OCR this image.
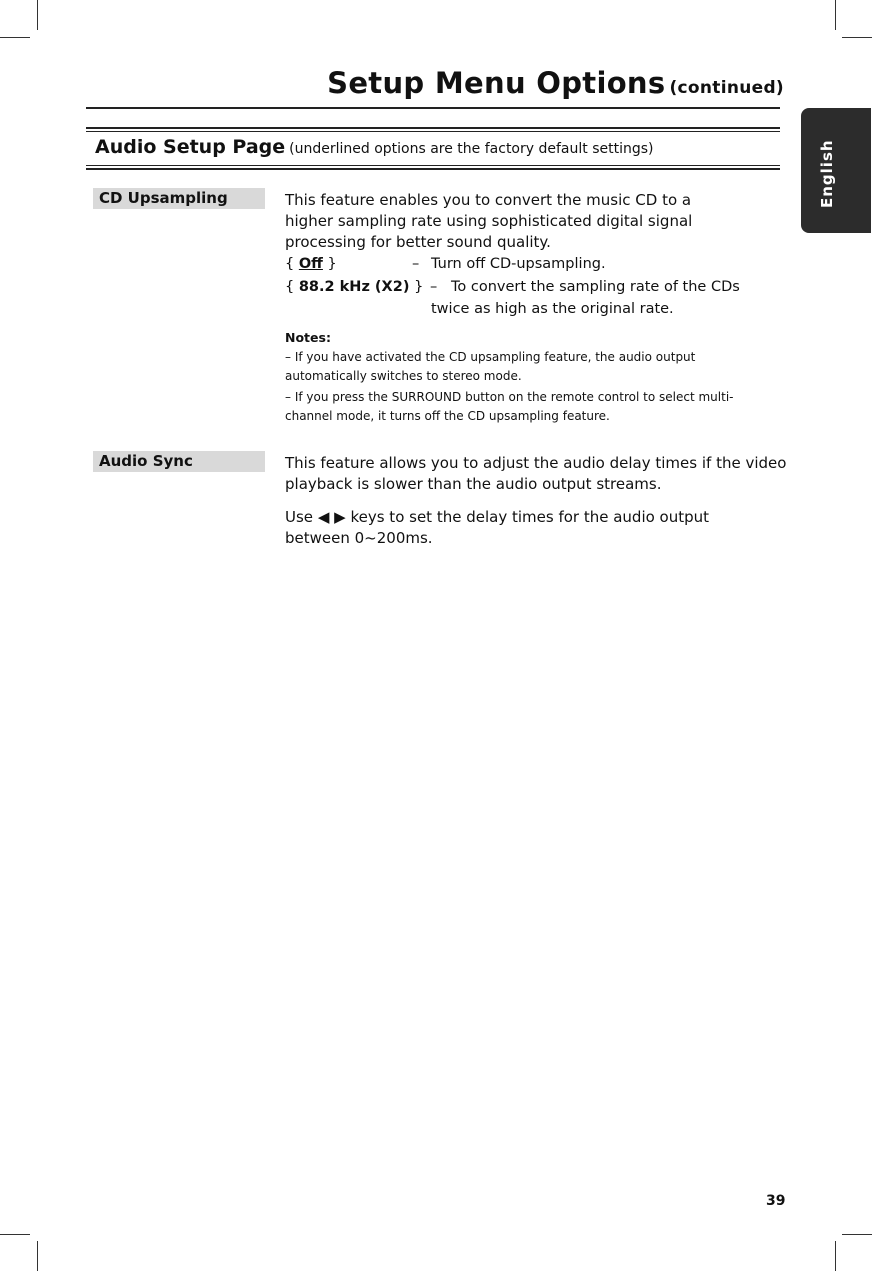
Setup Menu Options (continued)
English
Audio Setup Page (underlined options are the factory default settings)
CD Upsampling	This feature enables you to convert the music CD to a
higher sampling rate using sophisticated digital signal
processing for better sound quality.
{ Off }	– Turn off CD-upsampling.
{ 88.2 kHz (X2) } – To convert the sampling rate of the CDs
twice as high as the original rate.
Notes:
– If you have activated the CD upsampling feature, the audio output automatically switches to stereo mode.
– If you press the SURROUND button on the remote control to select multi-channel mode, it turns off the CD upsampling feature.
Audio Sync	This feature allows you to adjust the audio delay times if the video
playback is slower than the audio output streams.
Use ◀ ▶ keys to set the delay times for the audio output
between 0~200ms.
39
